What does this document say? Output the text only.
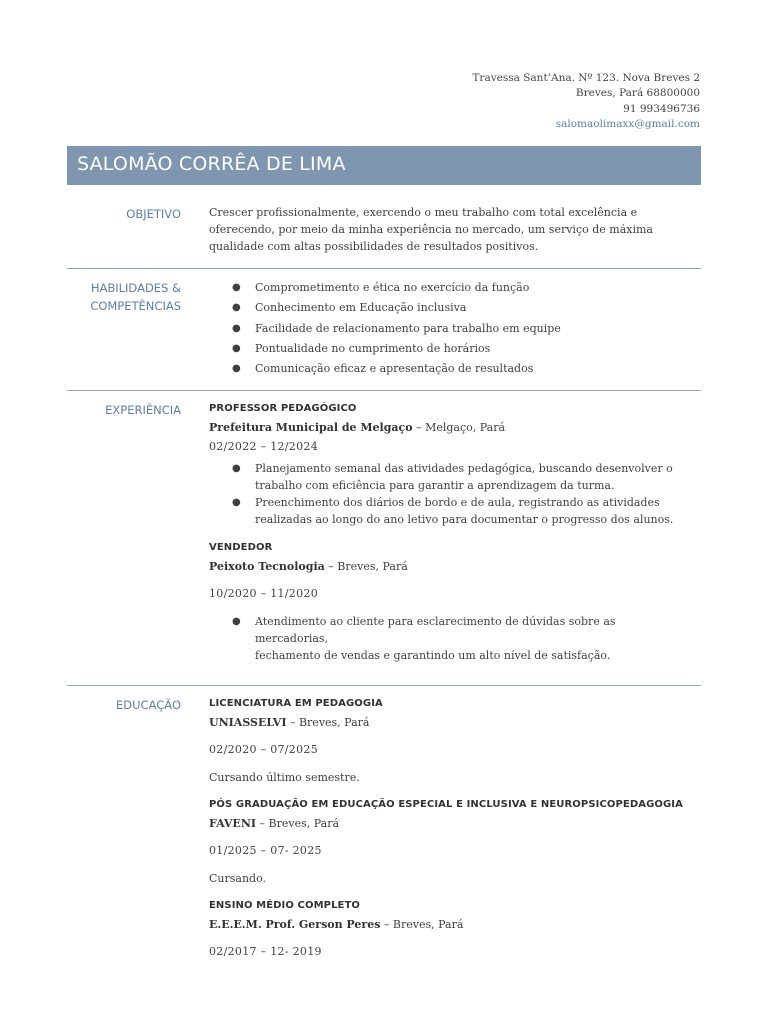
Travessa Sant’Ana. Nº 123. Nova Breves 2
Breves, Pará 68800000
91 993496736
salomaolimaxx@gmail.com
SALOMÃO CORRÊA DE LIMA
OBJETIVO	Crescer profissionalmente, exercendo o meu trabalho com total excelência e
oferecendo, por meio da minha experiência no mercado, um serviço de máxima
qualidade com altas possibilidades de resultados positivos.
HABILIDADES &
COMPETÊNCIAS
● Comprometimento e ética no exercício da função
● Conhecimento em Educação inclusiva
● Facilidade de relacionamento para trabalho em equipe
● Pontualidade no cumprimento de horários
● Comunicação eficaz e apresentação de resultados
EXPERIÊNCIA	PROFESSOR PEDAGÓGICO
Prefeitura Municipal de Melgaço – Melgaço, Pará
02/2022 – 12/2024
● Planejamento semanal das atividades pedagógica, buscando desenvolver o
trabalho com eficiência para garantir a aprendizagem da turma.
● Preenchimento dos diários de bordo e de aula, registrando as atividades
realizadas ao longo do ano letivo para documentar o progresso dos alunos.
VENDEDOR
Peixoto Tecnologia – Breves, Pará
10/2020 – 11/2020
● Atendimento ao cliente para esclarecimento de dúvidas sobre as mercadorias,
fechamento de vendas e garantindo um alto nível de satisfação.
EDUCAÇÃO	LICENCIATURA EM PEDAGOGIA
UNIASSELVI – Breves, Pará
02/2020 – 07/2025
Cursando último semestre.
PÓS GRADUAÇÃO EM EDUCAÇÃO ESPECIAL E INCLUSIVA E NEUROPSICOPEDAGOGIA
FAVENI – Breves, Pará
01/2025 – 07- 2025
Cursando.
ENSINO MÉDIO COMPLETO
E.E.E.M. Prof. Gerson Peres – Breves, Pará
02/2017 – 12- 2019
